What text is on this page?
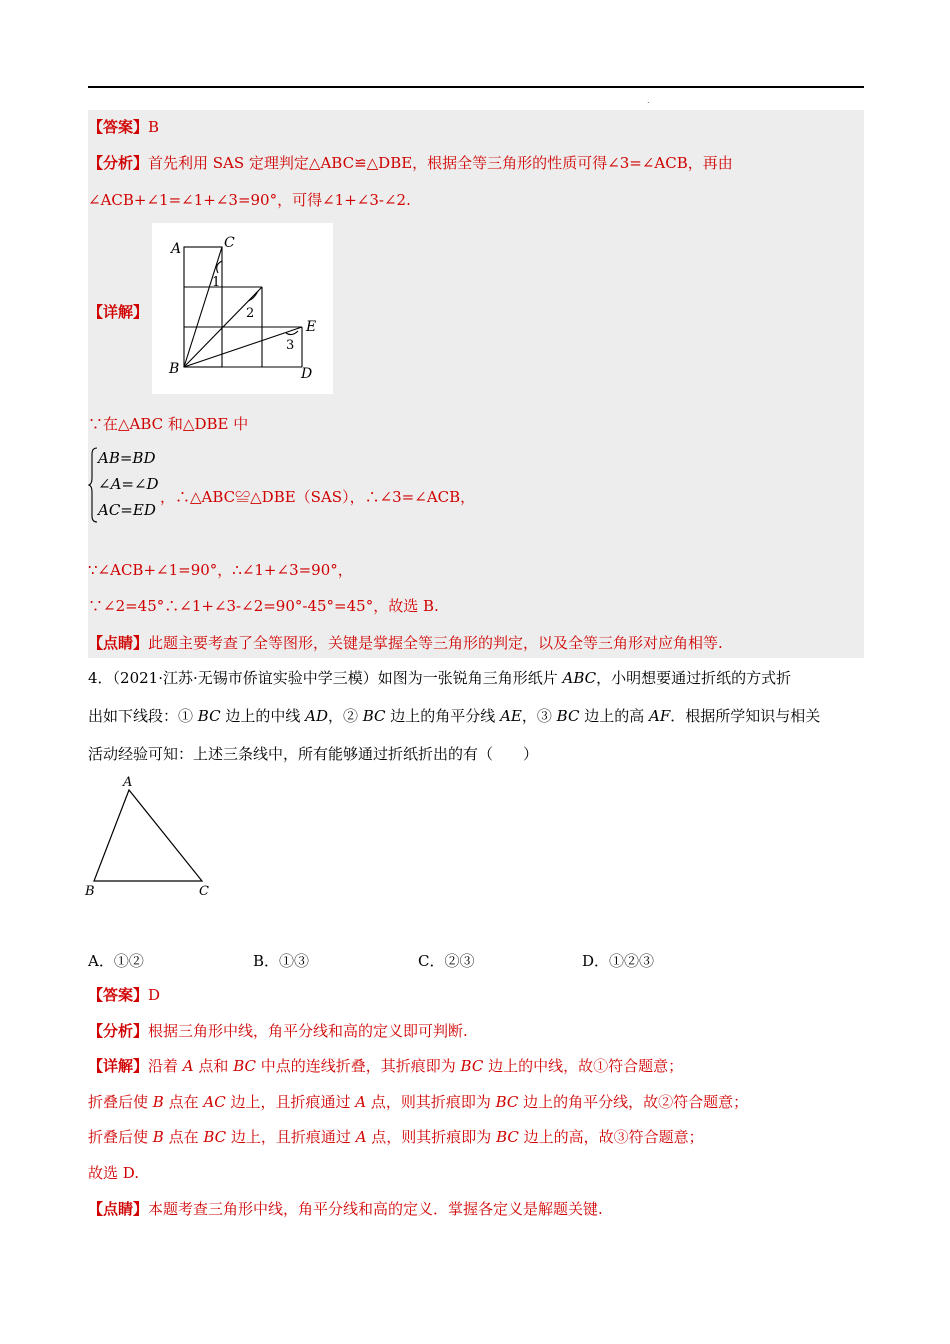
.
【答案】B
【分析】首先利用 SAS 定理判定△ABC≌△DBE，根据全等三角形的性质可得∠3=∠ACB，再由
∠ACB+∠1=∠1+∠3=90°，可得∠1+∠3-∠2.
【详解】
A	C
B
E
D
1
2
3
∵在△ABC 和△DBE 中
AB=BD
∠A=∠D
AC=ED
，∴△ABC≌△DBE（SAS），∴∠3=∠ACB，
∵∠ACB+∠1=90°，∴∠1+∠3=90°，
∵∠2=45°∴∠1+∠3-∠2=90°-45°=45°，故选 B.
【点睛】此题主要考查了全等图形，关键是掌握全等三角形的判定，以及全等三角形对应角相等.
4．（2021·江苏·无锡市侨谊实验中学三模）如图为一张锐角三角形纸片 ABC，小明想要通过折纸的方式折
出如下线段：① BC 边上的中线 AD，② BC 边上的角平分线 AE，③ BC 边上的高 AF．根据所学知识与相关
活动经验可知：上述三条线中，所有能够通过折纸折出的有（　　）
A
B	C
A．①②	B．①③	C．②③	D．①②③
【答案】D
【分析】根据三角形中线，角平分线和高的定义即可判断.
【详解】沿着 A 点和 BC 中点的连线折叠，其折痕即为 BC 边上的中线，故①符合题意；
折叠后使 B 点在 AC 边上，且折痕通过 A 点，则其折痕即为 BC 边上的角平分线，故②符合题意；
折叠后使 B 点在 BC 边上，且折痕通过 A 点，则其折痕即为 BC 边上的高，故③符合题意；
故选 D.
【点睛】本题考查三角形中线，角平分线和高的定义．掌握各定义是解题关键.
